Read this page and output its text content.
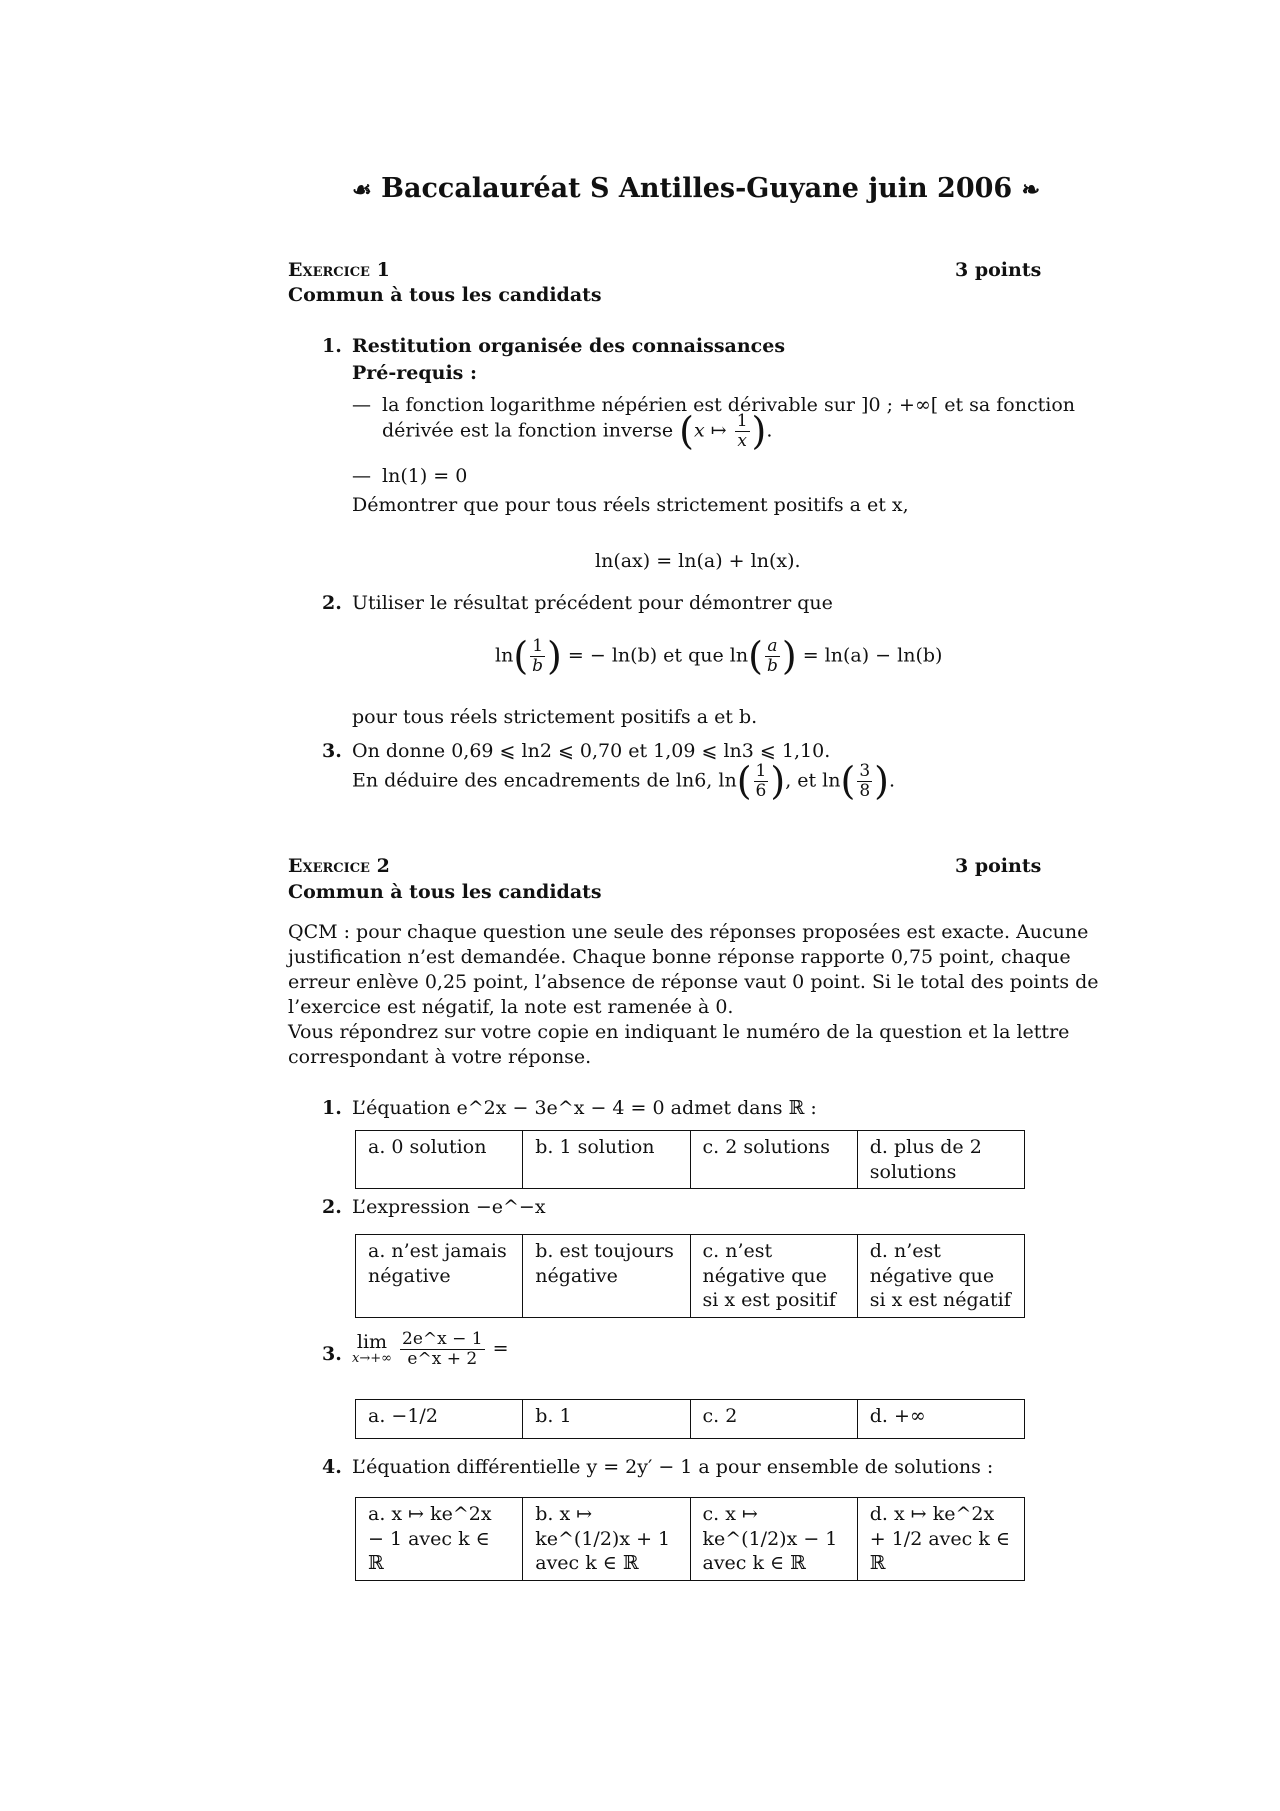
☙ Baccalauréat S Antilles-Guyane juin 2006 ❧
Exercice 1	3 points
Commun à tous les candidats
1. Restitution organisée des connaissances
Pré-requis :
— la fonction logarithme népérien est dérivable sur ]0 ; +∞[ et sa fonction
dérivée est la fonction inverse (x ↦ $\frac{1}{x}$ ).
— ln(1) = 0
Démontrer que pour tous réels strictement positifs a et x,
ln(ax) = ln(a) + ln(x).
2. Utiliser le résultat précédent pour démontrer que
$\ln( \frac{1}{b}$ ) = − ln(b) et que $\ln( \frac{a}{b}$ ) = ln(a) − ln(b)
pour tous réels strictement positifs a et b.
3. On donne 0,69 ⩽ ln2 ⩽ 0,70 et 1,09 ⩽ ln3 ⩽ 1,10.
En déduire des encadrements de ln6, $\ln( \frac{1}{6}$ ), et $\ln( \frac{3}{8}$ ).
Exercice 2	3 points
Commun à tous les candidats
QCM : pour chaque question une seule des réponses proposées est exacte. Aucune
justification n’est demandée. Chaque bonne réponse rapporte 0,75 point, chaque
erreur enlève 0,25 point, l’absence de réponse vaut 0 point. Si le total des points de
l’exercice est négatif, la note est ramenée à 0.
Vous répondrez sur votre copie en indiquant le numéro de la question et la lettre
correspondant à votre réponse.
1. L’équation e^2x − 3e^x − 4 = 0 admet dans ℝ :
a. 0 solution	b. 1 solution	c. 2 solutions	d. plus de 2 solutions
2. L’expression −e^−x
a. n’est jamais négative	b. est toujours négative	c. n’est négative que si x est positif	d. n’est négative que si x est négatif
3.
lim
x→+∞
$\frac{2e\^{}x - 1}{e\^{}x + 2}$ =
a. −1/2	b. 1	c. 2	d. +∞
4. L’équation différentielle y = 2y′ − 1 a pour ensemble de solutions :
a. x ↦ ke^2x − 1 avec k ∈ ℝ	b. x ↦ ke^(1/2)x + 1 avec k ∈ ℝ	c. x ↦ ke^(1/2)x − 1 avec k ∈ ℝ	d. x ↦ ke^2x + 1/2 avec k ∈ ℝ
